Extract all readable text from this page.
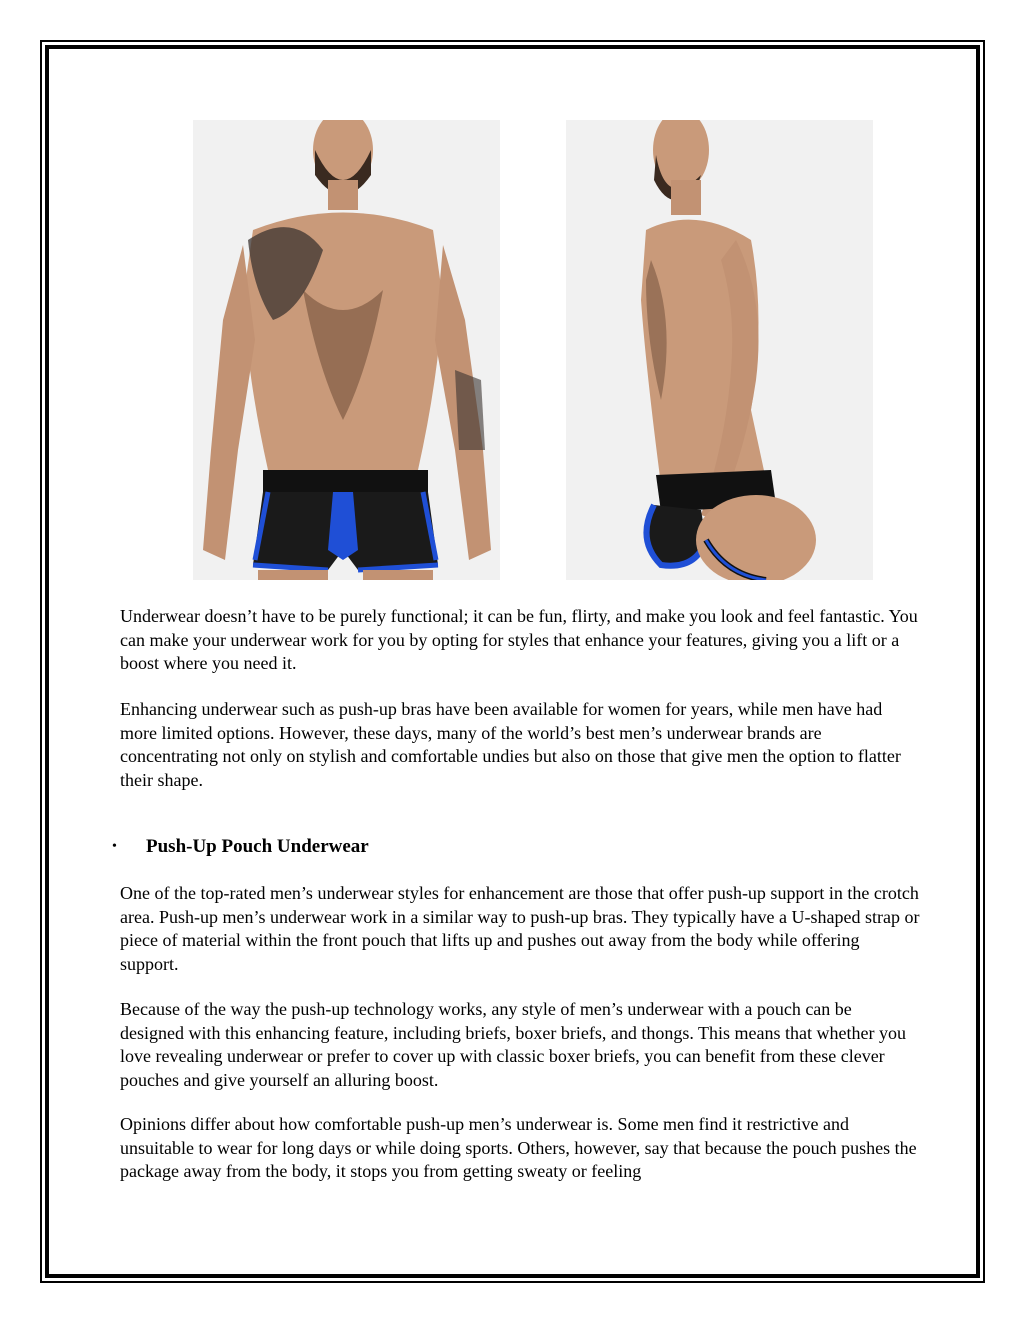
Underwear doesn’t have to be purely functional; it can be fun, flirty, and make you look and feel fantastic. You can make your underwear work for you by opting for styles that enhance your features, giving you a lift or a boost where you need it.

Enhancing underwear such as push-up bras have been available for women for years, while men have had more limited options. However, these days, many of the world’s best men’s underwear brands are concentrating not only on stylish and comfortable undies but also on those that give men the option to flatter their shape.

• Push-Up Pouch Underwear

One of the top-rated men’s underwear styles for enhancement are those that offer push-up support in the crotch area. Push-up men’s underwear work in a similar way to push-up bras. They typically have a U-shaped strap or piece of material within the front pouch that lifts up and pushes out away from the body while offering support.

Because of the way the push-up technology works, any style of men’s underwear with a pouch can be designed with this enhancing feature, including briefs, boxer briefs, and thongs. This means that whether you love revealing underwear or prefer to cover up with classic boxer briefs, you can benefit from these clever pouches and give yourself an alluring boost.

Opinions differ about how comfortable push-up men’s underwear is. Some men find it restrictive and unsuitable to wear for long days or while doing sports. Others, however, say that because the pouch pushes the package away from the body, it stops you from getting sweaty or feeling
